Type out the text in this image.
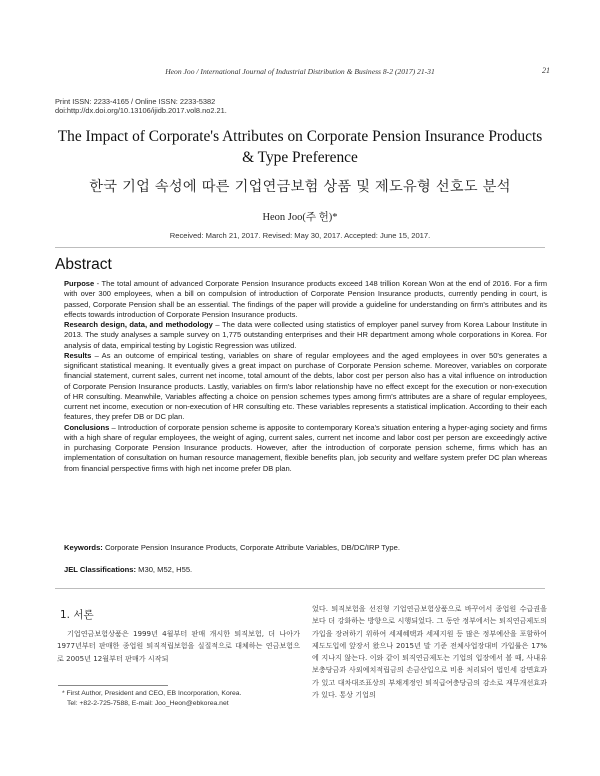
Heon Joo / International Journal of Industrial Distribution & Business 8-2 (2017) 21-31	21
Print ISSN: 2233-4165 / Online ISSN: 2233-5382
doi:http://dx.doi.org/10.13106/ijidb.2017.vol8.no2.21.
The Impact of Corporate's Attributes on Corporate Pension Insurance Products
& Type Preference
한국 기업 속성에 따른 기업연금보험 상품 및 제도유형 선호도 분석
Heon Joo(주 헌)*
Received: March 21, 2017. Revised: May 30, 2017. Accepted: June 15, 2017.
Abstract

Purpose - The total amount of advanced Corporate Pension Insurance products exceed 148 trillion Korean Won at the end of 2016. For a firm with over 300 employees, when a bill on compulsion of introduction of Corporate Pension Insurance products, currently pending in court, is passed, Corporate Pension shall be an essential. The findings of the paper will provide a guideline for understanding on firm's attributes and its effects towards introduction of Corporate Pension Insurance products.

Research design, data, and methodology – The data were collected using statistics of employer panel survey from Korea Labour Institute in 2013. The study analyses a sample survey on 1,775 outstanding enterprises and their HR department among whole corporations in Korea. For analysis of data, empirical testing by Logistic Regression was utilized.

Results – As an outcome of empirical testing, variables on share of regular employees and the aged employees in over 50's generates a significant statistical meaning. It eventually gives a great impact on purchase of Corporate Pension scheme. Moreover, variables on corporate financial statement, current sales, current net income, total amount of the debts, labor cost per person also has a vital influence on introduction of Corporate Pension Insurance products. Lastly, variables on firm's labor relationship have no effect except for the execution or non-execution of HR consulting. Meanwhile, Variables affecting a choice on pension schemes types among firm's attributes are a share of regular employees, current net income, execution or non-execution of HR consulting etc. These variables represents a statistical implication. According to their each features, they prefer DB or DC plan.

Conclusions – Introduction of corporate pension scheme is apposite to contemporary Korea's situation entering a hyper-aging society and firms with a high share of regular employees, the weight of aging, current sales, current net income and labor cost per person are exceedingly active in purchasing Corporate Pension Insurance products. However, after the introduction of corporate pension scheme, firms which has an implementation of consultation on human resource management, flexible benefits plan, job security and welfare system prefer DC plan whereas from financial perspective firms with high net income prefer DB plan.

Keywords: Corporate Pension Insurance Products, Corporate Attribute Variables, DB/DC/IRP Type.
JEL Classifications: M30, M52, H55.
1. 서론

기업연금보험상품은 1999년 4월부터 판매 개시한 퇴직보험, 더 나아가 1977년부터 판매한 종업원 퇴직적립보험을 실질적으로 대체하는 연금보험으로 2005년 12월부터 판매가 시작되

었다. 퇴직보험을 선진형 기업연금보험상품으로 바꾸어서 종업원 수급권을 보다 더 강화하는 방향으로 시행되었다. 그 동안 정부에서는 퇴직연금제도의 가입을 장려하기 위하여 세제혜택과 세제지원 등 많은 정부예산을 포함하여 제도도입에 앞장서 왔으나 2015년 말 기준 전체사업장대비 가입률은 17%에 지나지 않는다. 이와 같이 퇴직연금제도는 기업의 입장에서 볼 때, 사내유보충당금과 사외예치적립금의 손금산입으로 비용 처리되어 법인세 감면효과가 있고 대차대조표상의 부채계정인 퇴직급여충당금의 감소로 재무개선효과가 있다. 통상 기업의

* First Author, President and CEO, EB Incorporation, Korea.
Tel: +82-2-725-7588, E-mail: Joo_Heon@ebkorea.net
